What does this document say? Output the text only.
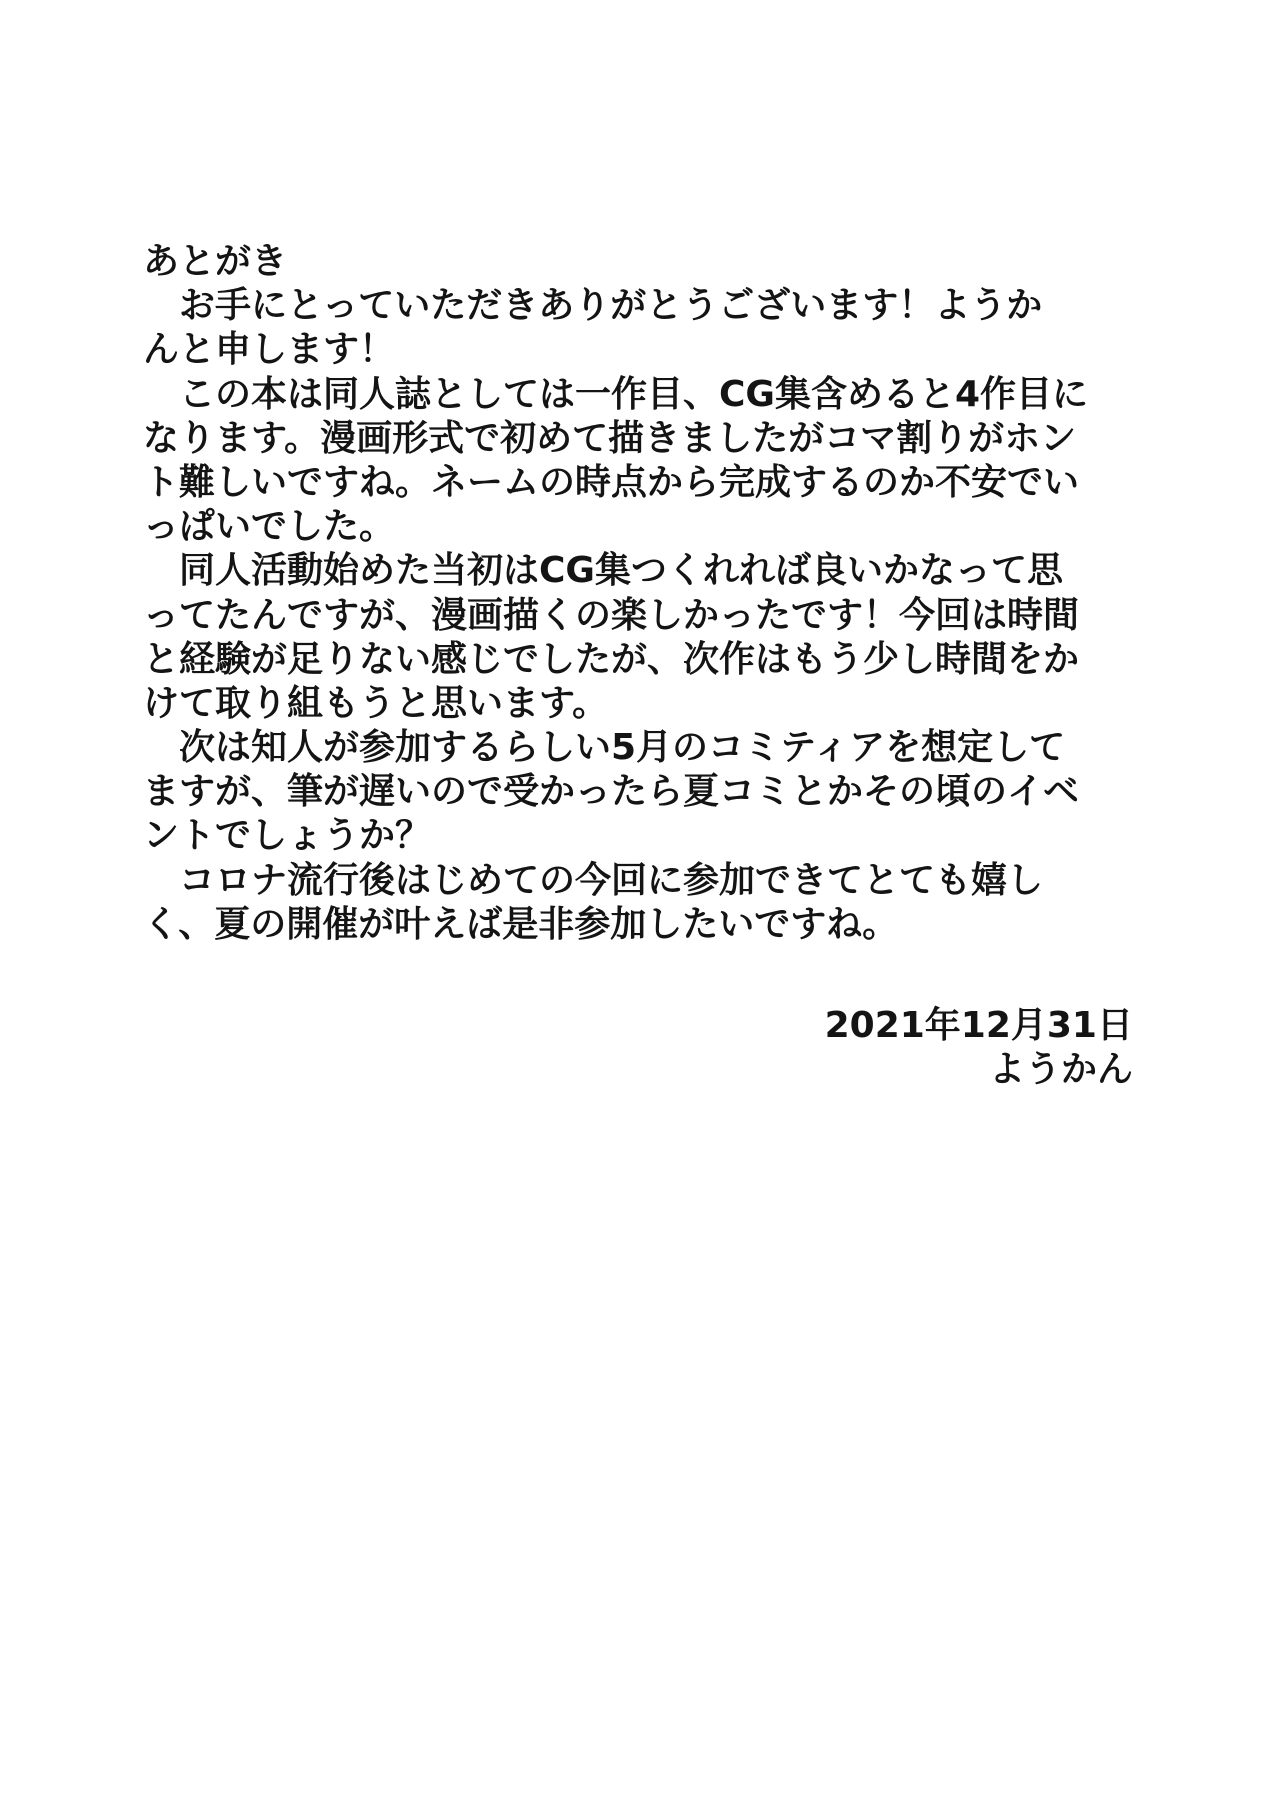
あとがき
　お手にとっていただきありがとうございます！ようか
んと申します！
　この本は同人誌としては一作目、CG集含めると4作目に
なります。漫画形式で初めて描きましたがコマ割りがホン
ト難しいですね。ネームの時点から完成するのか不安でい
っぱいでした。
　同人活動始めた当初はCG集つくれれば良いかなって思
ってたんですが、漫画描くの楽しかったです！今回は時間
と経験が足りない感じでしたが、次作はもう少し時間をか
けて取り組もうと思います。
　次は知人が参加するらしい5月のコミティアを想定して
ますが、筆が遅いので受かったら夏コミとかその頃のイベ
ントでしょうか？
　コロナ流行後はじめての今回に参加できてとても嬉し
く、夏の開催が叶えば是非参加したいですね。
2021年12月31日
ようかん
